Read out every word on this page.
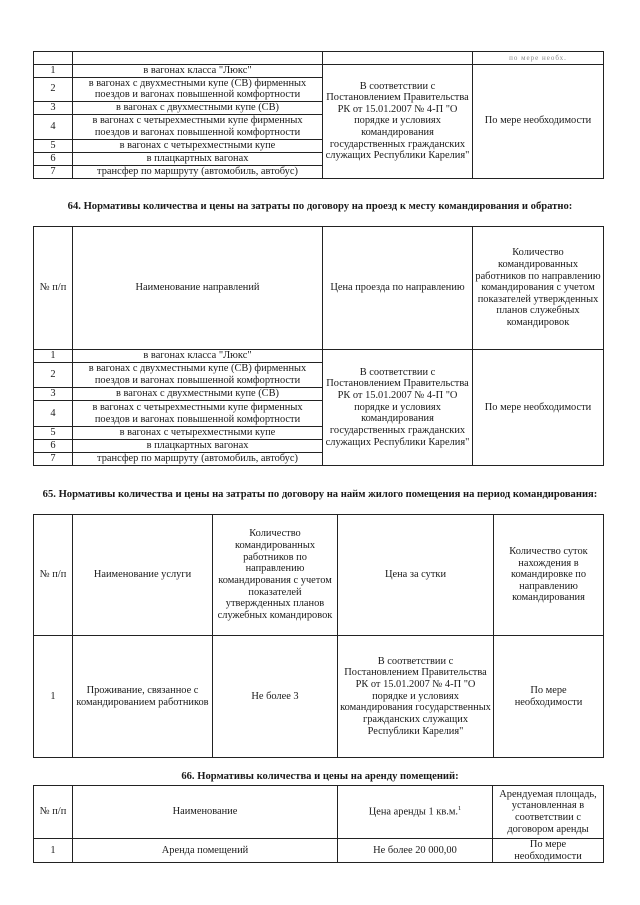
			по мере необх.
1	в вагонах класса "Люкс"	В соответствии с Постановлением Правительства РК от 15.01.2007 № 4-П "О порядке и условиях командирования государственных гражданских служащих Республики Карелия"	По мере необходимости
2	в вагонах с двухместными купе (СВ) фирменных поездов и вагонах повышенной комфортности		
3	в вагонах с двухместными купе (СВ)		
4	в вагонах с четырехместными купе фирменных поездов и вагонах повышенной комфортности		
5	в вагонах с четырехместными купе		
6	в плацкартных вагонах		
7	трансфер по маршруту (автомобиль, автобус)		
64. Нормативы количества и цены на затраты по договору на проезд к месту командирования и обратно:
№ п/п	Наименование направлений	Цена проезда по направлению	Количество командированных работников по направлению командирования с учетом показателей утвержденных планов служебных командировок
1	в вагонах класса "Люкс"	В соответствии с Постановлением Правительства РК от 15.01.2007 № 4-П "О порядке и условиях командирования государственных гражданских служащих Республики Карелия"	По мере необходимости
2	в вагонах с двухместными купе (СВ) фирменных поездов и вагонах повышенной комфортности		
3	в вагонах с двухместными купе (СВ)		
4	в вагонах с четырехместными купе фирменных поездов и вагонах повышенной комфортности		
5	в вагонах с четырехместными купе		
6	в плацкартных вагонах		
7	трансфер по маршруту (автомобиль, автобус)		
65. Нормативы количества и цены на затраты по договору на найм жилого помещения на период командирования:
№ п/п	Наименование услуги	Количество командированных работников по направлению командирования с учетом показателей утвержденных планов служебных командировок	Цена за сутки	Количество суток нахождения в командировке по направлению командирования
1	Проживание, связанное с командированием работников	Не более 3	В соответствии с Постановлением Правительства РК от 15.01.2007 № 4-П "О порядке и условиях командирования государственных гражданских служащих Республики Карелия"	По мере необходимости
66. Нормативы количества и цены на аренду помещений:
№ п/п	Наименование	Цена аренды 1 кв.м.$^1$	Арендуемая площадь, установленная в соответствии с договором аренды
1	Аренда помещений	Не более 20 000,00	По мере необходимости
